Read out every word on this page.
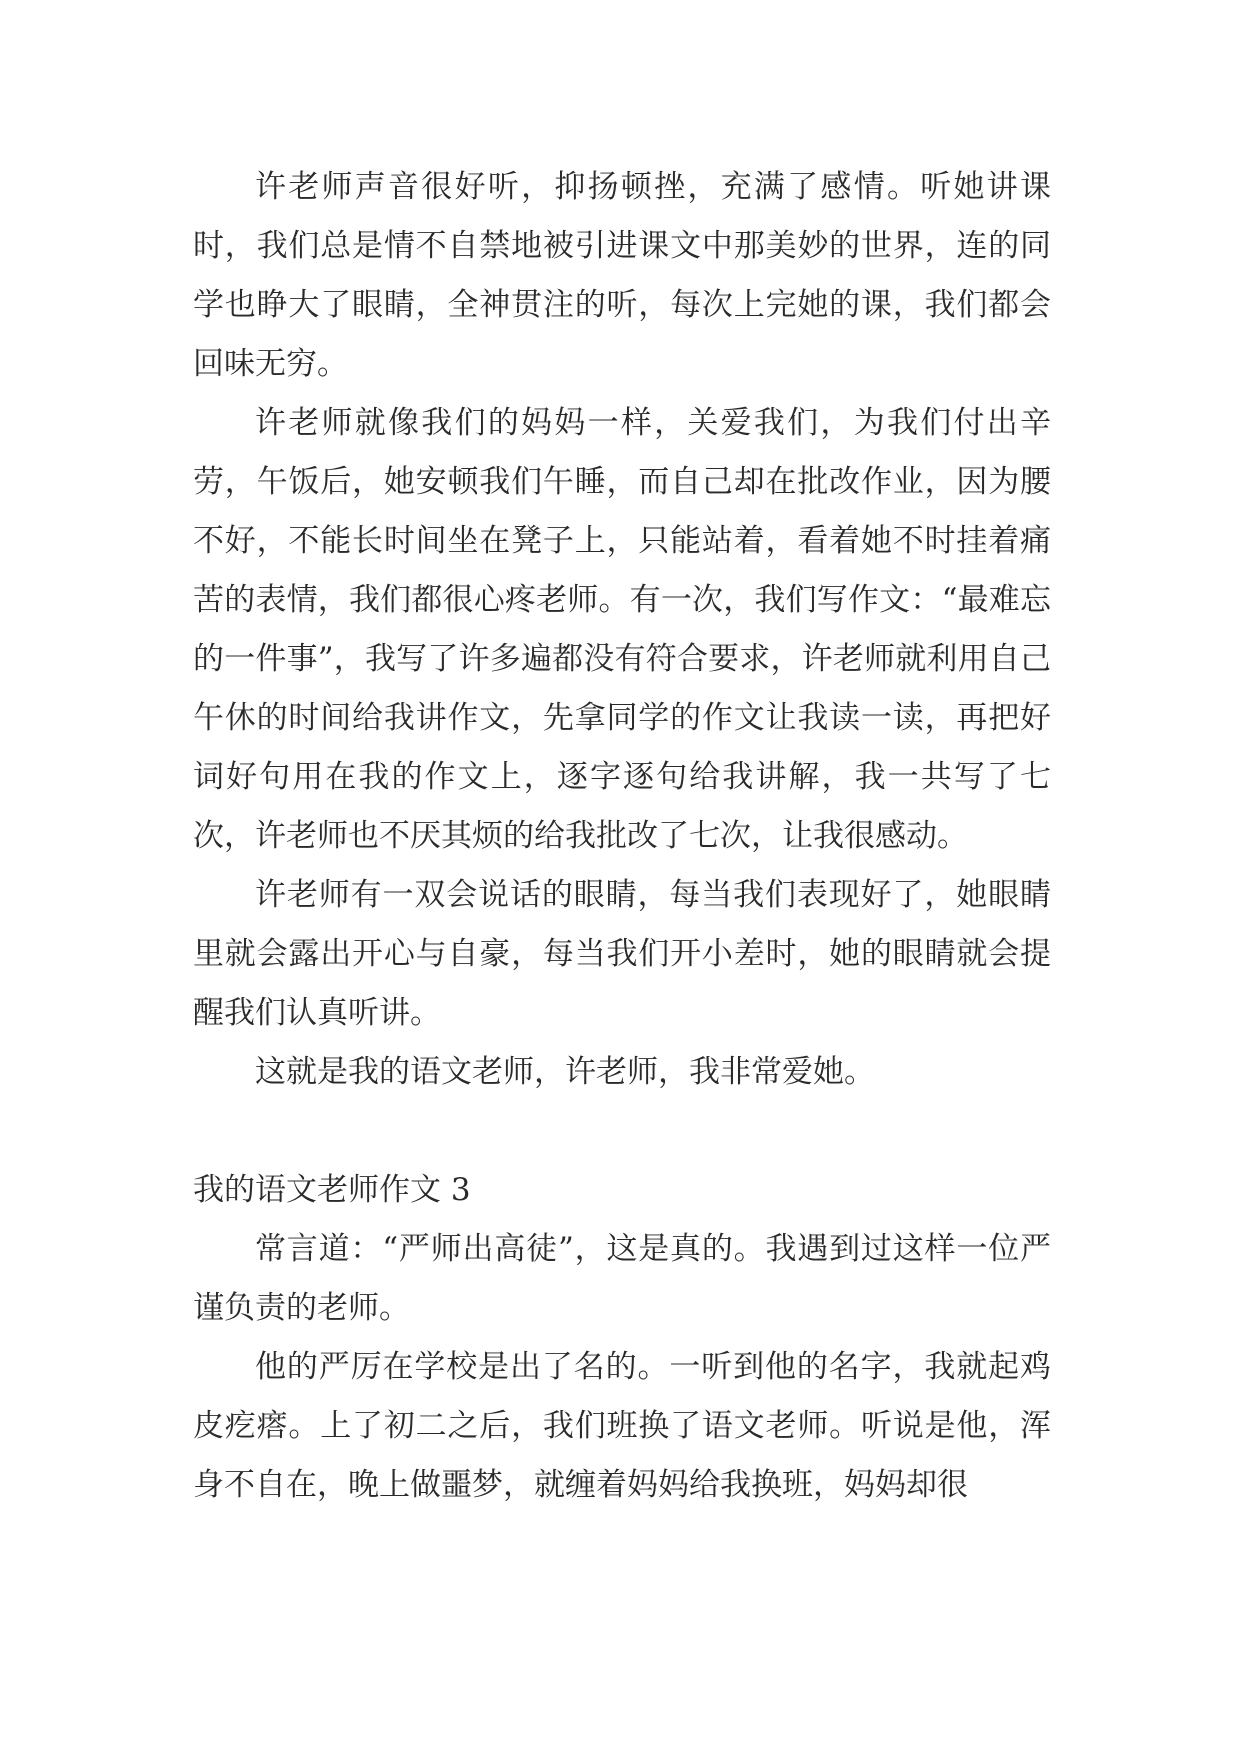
许老师声音很好听，抑扬顿挫，充满了感情。听她讲课时，我们总是情不自禁地被引进课文中那美妙的世界，连的同学也睁大了眼睛，全神贯注的听，每次上完她的课，我们都会回味无穷。

许老师就像我们的妈妈一样，关爱我们，为我们付出辛劳，午饭后，她安顿我们午睡，而自己却在批改作业，因为腰不好，不能长时间坐在凳子上，只能站着，看着她不时挂着痛苦的表情，我们都很心疼老师。有一次，我们写作文：“最难忘的一件事”，我写了许多遍都没有符合要求，许老师就利用自己午休的时间给我讲作文，先拿同学的作文让我读一读，再把好词好句用在我的作文上，逐字逐句给我讲解，我一共写了七次，许老师也不厌其烦的给我批改了七次，让我很感动。

许老师有一双会说话的眼睛，每当我们表现好了，她眼睛里就会露出开心与自豪，每当我们开小差时，她的眼睛就会提醒我们认真听讲。

这就是我的语文老师，许老师，我非常爱她。

我的语文老师作文 3

常言道：“严师出高徒”，这是真的。我遇到过这样一位严谨负责的老师。

他的严厉在学校是出了名的。一听到他的名字，我就起鸡皮疙瘩。上了初二之后，我们班换了语文老师。听说是他，浑身不自在，晚上做噩梦，就缠着妈妈给我换班，妈妈却很
